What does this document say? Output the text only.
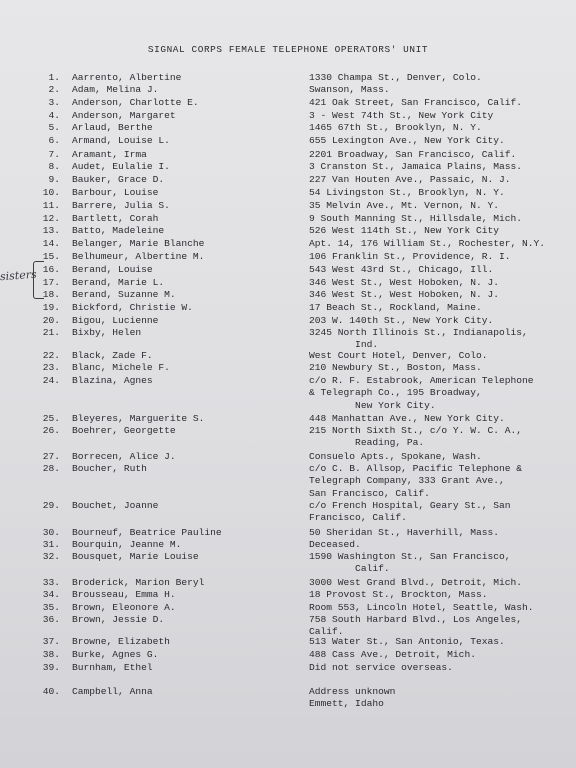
SIGNAL CORPS FEMALE TELEPHONE OPERATORS' UNIT
sisters
1. Aarrento, Albertine	1330 Champa St., Denver, Colo.
2. Adam, Melina J.	Swanson, Mass.
3. Anderson, Charlotte E.	421 Oak Street, San Francisco, Calif.
4. Anderson, Margaret	3 - West 74th St., New York City
5. Arlaud, Berthe	1465 67th St., Brooklyn, N. Y.
6. Armand, Louise L.	655 Lexington Ave., New York City.
7. Aramant, Irma	2201 Broadway, San Francisco, Calif.
8. Audet, Eulalie I.	3 Cranston St., Jamaica Plains, Mass.
9. Bauker, Grace D.	227 Van Houten Ave., Passaic, N. J.
10. Barbour, Louise	54 Livingston St., Brooklyn, N. Y.
11. Barrere, Julia S.	35 Melvin Ave., Mt. Vernon, N. Y.
12. Bartlett, Corah	9 South Manning St., Hillsdale, Mich.
13. Batto, Madeleine	526 West 114th St., New York City
14. Belanger, Marie Blanche	Apt. 14, 176 William St., Rochester, N.Y.
15. Belhumeur, Albertine M.	106 Franklin St., Providence, R. I.
16. Berand, Louise	543 West 43rd St., Chicago, Ill.
17. Berand, Marie L.	346 West St., West Hoboken, N. J.
18. Berand, Suzanne M.	346 West St., West Hoboken, N. J.
19. Bickford, Christie W.	17 Beach St., Rockland, Maine.
20. Bigou, Lucienne	203 W. 140th St., New York City.
21. Bixby, Helen	3245 North Illinois St., Indianapolis,
Ind.
22. Black, Zade F.	West Court Hotel, Denver, Colo.
23. Blanc, Michele F.	210 Newbury St., Boston, Mass.
24. Blazina, Agnes	c/o R. F. Estabrook, American Telephone
& Telegraph Co., 195 Broadway,
New York City.
25. Bleyeres, Marguerite S.	448 Manhattan Ave., New York City.
26. Boehrer, Georgette	215 North Sixth St., c/o Y. W. C. A.,
Reading, Pa.
27. Borrecen, Alice J.	Consuelo Apts., Spokane, Wash.
28. Boucher, Ruth	c/o C. B. Allsop, Pacific Telephone &
Telegraph Company, 333 Grant Ave.,
San Francisco, Calif.
29. Bouchet, Joanne	c/o French Hospital, Geary St., San
Francisco, Calif.
30. Bourneuf, Beatrice Pauline	50 Sheridan St., Haverhill, Mass.
31. Bourquin, Jeanne M.	Deceased.
32. Bousquet, Marie Louise	1590 Washington St., San Francisco,
Calif.
33. Broderick, Marion Beryl	3000 West Grand Blvd., Detroit, Mich.
34. Brousseau, Emma H.	18 Provost St., Brockton, Mass.
35. Brown, Eleonore A.	Room 553, Lincoln Hotel, Seattle, Wash.
36. Brown, Jessie D.	758 South Harbard Blvd., Los Angeles,
Calif.
37. Browne, Elizabeth	513 Water St., San Antonio, Texas.
38. Burke, Agnes G.	488 Cass Ave., Detroit, Mich.
39. Burnham, Ethel	Did not service overseas.
40. Campbell, Anna	Address unknown
Emmett, Idaho
